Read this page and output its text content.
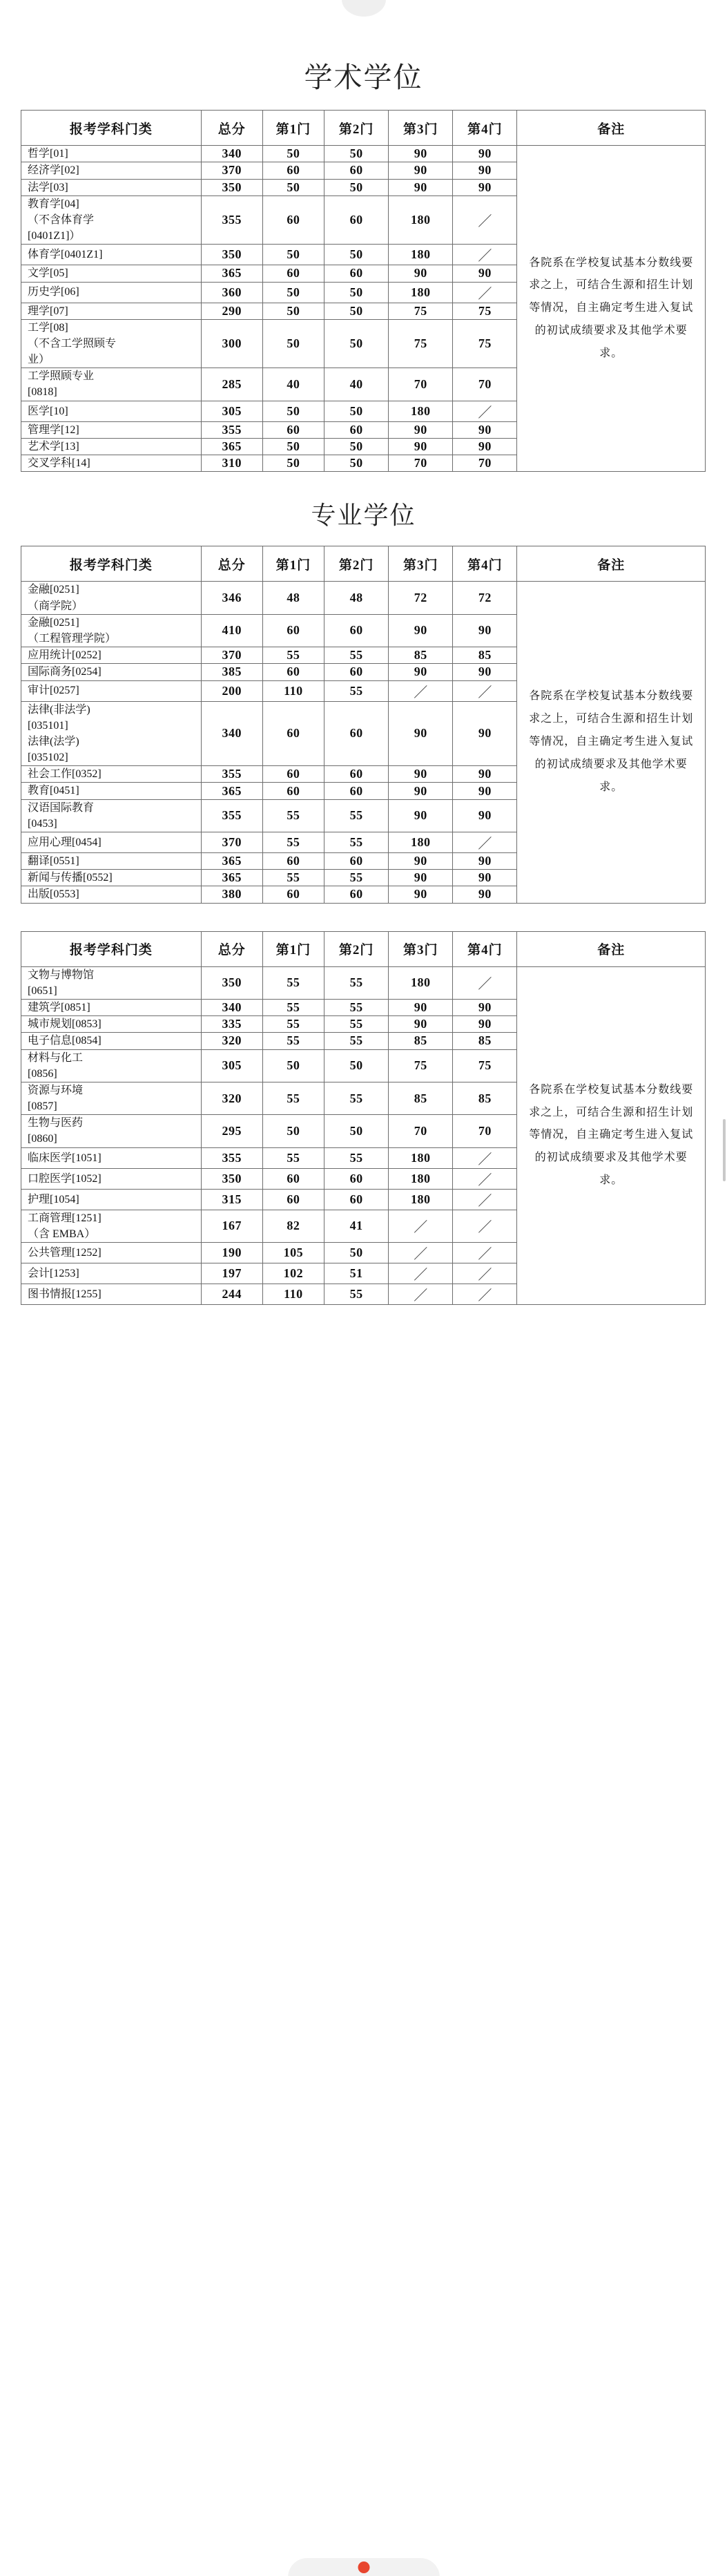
学术学位
报考学科门类	总分	第1门	第2门	第3门	第4门	备注
哲学[01]	340	50	50	90	90	各院系在学校复试基本分数线要求之上，可结合生源和招生计划等情况，自主确定考生进入复试的初试成绩要求及其他学术要求。
经济学[02]	370	60	60	90	90	
法学[03]	350	50	50	90	90	
教育学[04]
（不含体育学
[0401Z1]）	355	60	60	180	／	
体育学[0401Z1]	350	50	50	180	／	
文学[05]	365	60	60	90	90	
历史学[06]	360	50	50	180	／	
理学[07]	290	50	50	75	75	
工学[08]
（不含工学照顾专
业）	300	50	50	75	75	
工学照顾专业
[0818]	285	40	40	70	70	
医学[10]	305	50	50	180	／	
管理学[12]	355	60	60	90	90	
艺术学[13]	365	50	50	90	90	
交叉学科[14]	310	50	50	70	70	
专业学位
报考学科门类	总分	第1门	第2门	第3门	第4门	备注
金融[0251]
（商学院）	346	48	48	72	72	各院系在学校复试基本分数线要求之上，可结合生源和招生计划等情况，自主确定考生进入复试的初试成绩要求及其他学术要求。
金融[0251]
（工程管理学院）	410	60	60	90	90	
应用统计[0252]	370	55	55	85	85	
国际商务[0254]	385	60	60	90	90	
审计[0257]	200	110	55	／	／	
法律(非法学)
[035101]
法律(法学)
[035102]	340	60	60	90	90	
社会工作[0352]	355	60	60	90	90	
教育[0451]	365	60	60	90	90	
汉语国际教育
[0453]	355	55	55	90	90	
应用心理[0454]	370	55	55	180	／	
翻译[0551]	365	60	60	90	90	
新闻与传播[0552]	365	55	55	90	90	
出版[0553]	380	60	60	90	90	
报考学科门类	总分	第1门	第2门	第3门	第4门	备注
文物与博物馆
[0651]	350	55	55	180	／	各院系在学校复试基本分数线要求之上，可结合生源和招生计划等情况，自主确定考生进入复试的初试成绩要求及其他学术要求。
建筑学[0851]	340	55	55	90	90	
城市规划[0853]	335	55	55	90	90	
电子信息[0854]	320	55	55	85	85	
材料与化工
[0856]	305	50	50	75	75	
资源与环境
[0857]	320	55	55	85	85	
生物与医药
[0860]	295	50	50	70	70	
临床医学[1051]	355	55	55	180	／	
口腔医学[1052]	350	60	60	180	／	
护理[1054]	315	60	60	180	／	
工商管理[1251]
（含 EMBA）	167	82	41	／	／	
公共管理[1252]	190	105	50	／	／	
会计[1253]	197	102	51	／	／	
图书情报[1255]	244	110	55	／	／	
